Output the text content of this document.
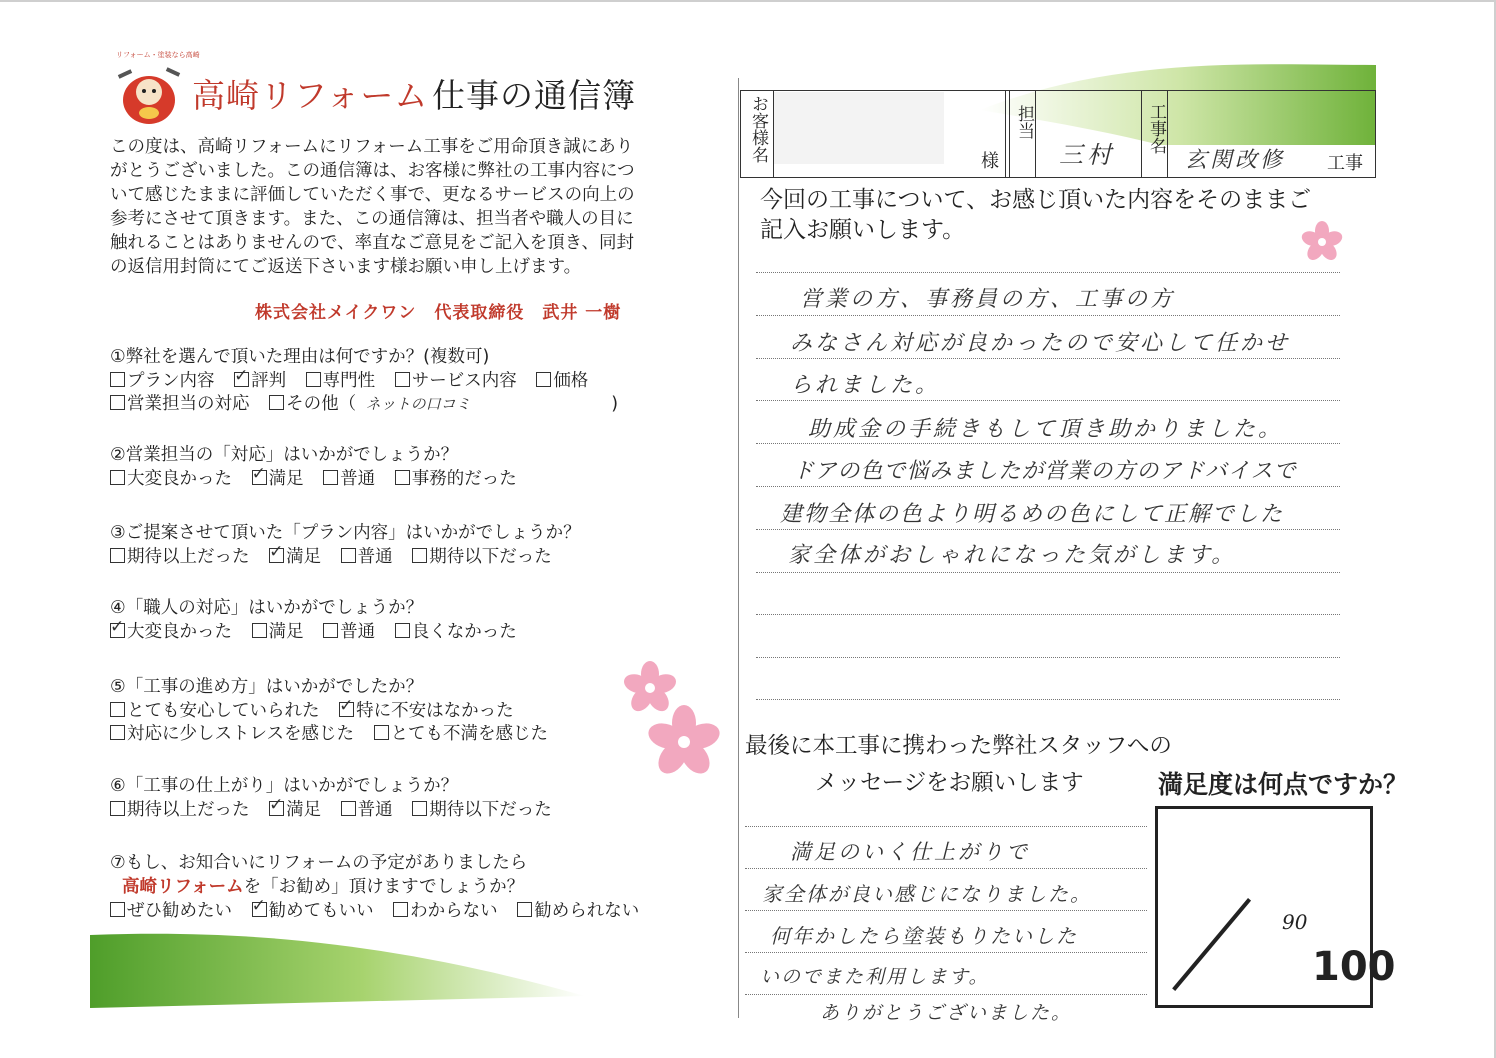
リフォーム・塗装なら高崎
高崎リフォーム 仕事の通信簿
この度は、高崎リフォームにリフォーム工事をご用命頂き誠にあり
がとうございました。この通信簿は、お客様に弊社の工事内容につ
いて感じたままに評価していただく事で、更なるサービスの向上の
参考にさせて頂きます。また、この通信簿は、担当者や職人の目に
触れることはありませんので、率直なご意見をご記入を頂き、同封
の返信用封筒にてご返送下さいます様お願い申し上げます。
株式会社メイクワン　代表取締役　武井 一樹
①弊社を選んで頂いた理由は何ですか？(複数可)
プラン内容 ✓ 評判 専門性 サービス内容 価格
営業担当の対応 その他（ ネットの口コミ	)
②営業担当の「対応」はいかがでしょうか？
大変良かった ✓ 満足 普通 事務的だった
③ご提案させて頂いた「プラン内容」はいかがでしょうか？
期待以上だった ✓ 満足 普通 期待以下だった
④「職人の対応」はいかがでしょうか？
✓大変良かった 満足 普通 良くなかった
⑤「工事の進め方」はいかがでしたか？
とても安心していられた ✓ 特に不安はなかった
対応に少しストレスを感じた とても不満を感じた
⑥「工事の仕上がり」はいかがでしょうか？
期待以上だった ✓ 満足 普通 期待以下だった
⑦もし、お知合いにリフォームの予定がありましたら
高崎リフォームを「お勧め」頂けますでしょうか？
ぜひ勧めたい ✓ 勧めてもいい わからない 勧められない
お客様名	様
担当
三村
工事名
玄関改修 工事
今回の工事について、お感じ頂いた内容をそのままご
記入お願いします。
営業の方、事務員の方、工事の方
みなさん対応が良かったので安心して任かせ
られました。
助成金の手続きもして頂き助かりました。
ドアの色で悩みましたが営業の方のアドバイスで
建物全体の色より明るめの色にして正解でした
家全体がおしゃれになった気がします。
最後に本工事に携わった弊社スタッフへの
メッセージをお願いします
満足のいく仕上がりで
家全体が良い感じになりました。
何年かしたら塗装もりたいした
いのでまた利用します。
ありがとうございました。
満足度は何点ですか？
90
100
